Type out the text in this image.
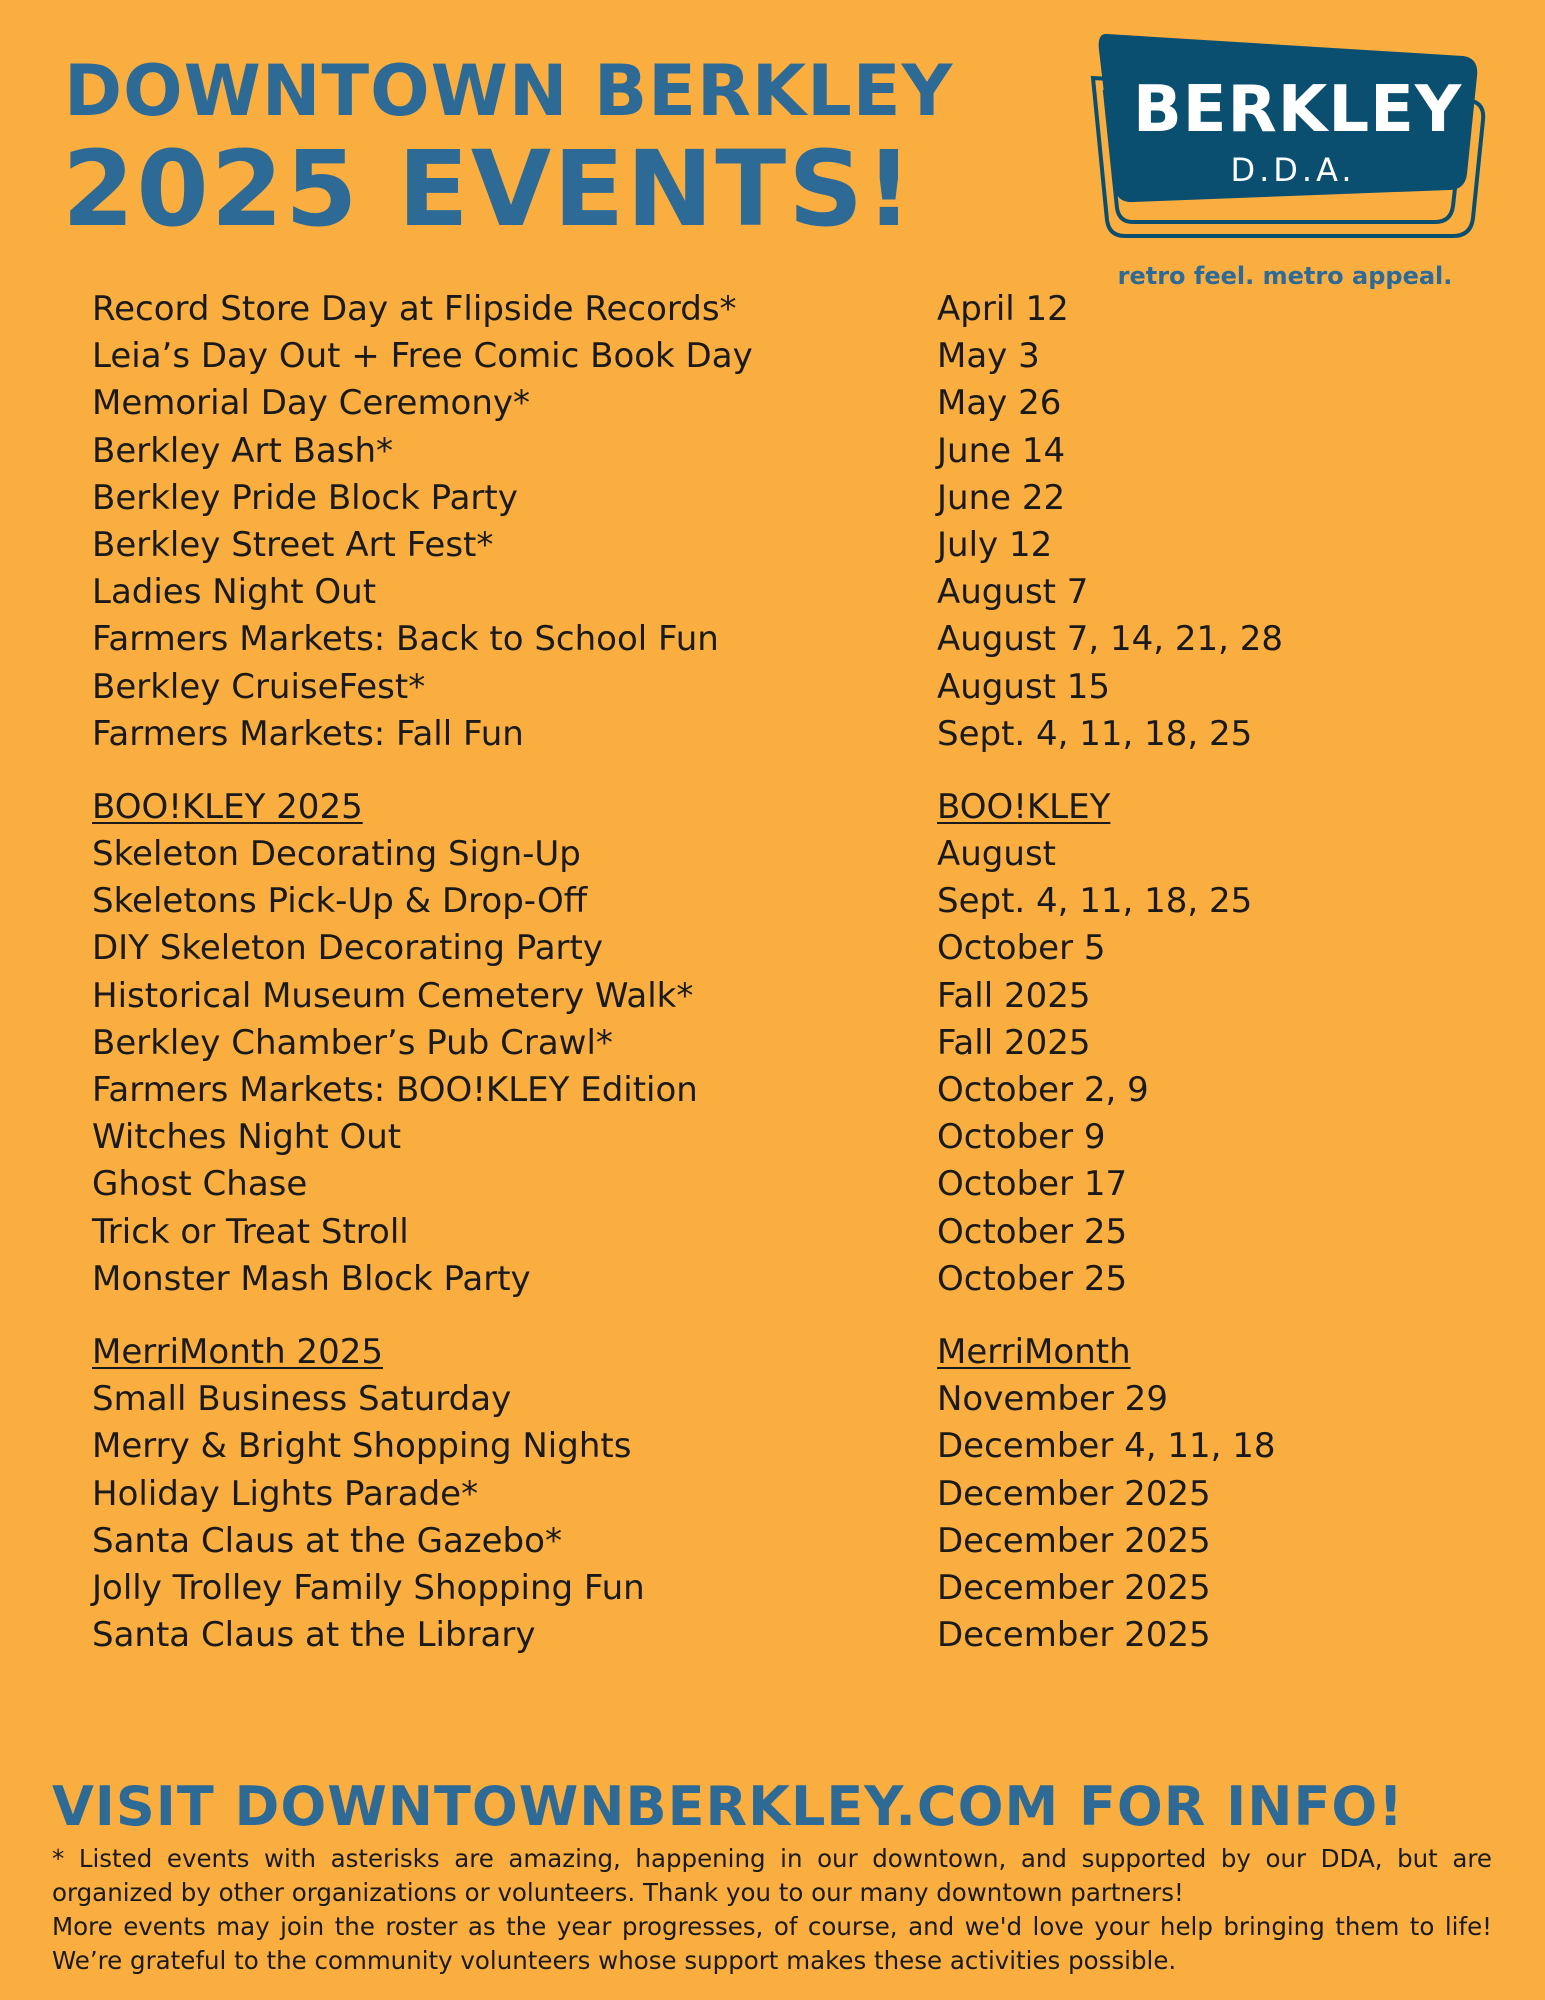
DOWNTOWN BERKLEY
2025 EVENTS!
BERKLEY
D.D.A.
retro feel. metro appeal.
Record Store Day at Flipside Records*	April 12
Leia’s Day Out + Free Comic Book Day	May 3
Memorial Day Ceremony*	May 26
Berkley Art Bash*	June 14
Berkley Pride Block Party	June 22
Berkley Street Art Fest*	July 12
Ladies Night Out	August 7
Farmers Markets: Back to School Fun	August 7, 14, 21, 28
Berkley CruiseFest*	August 15
Farmers Markets: Fall Fun	Sept. 4, 11, 18, 25
BOO!KLEY 2025	BOO!KLEY
Skeleton Decorating Sign-Up	August
Skeletons Pick-Up & Drop-Off	Sept. 4, 11, 18, 25
DIY Skeleton Decorating Party	October 5
Historical Museum Cemetery Walk*	Fall 2025
Berkley Chamber’s Pub Crawl*	Fall 2025
Farmers Markets: BOO!KLEY Edition	October 2, 9
Witches Night Out	October 9
Ghost Chase	October 17
Trick or Treat Stroll	October 25
Monster Mash Block Party	October 25
MerriMonth 2025	MerriMonth
Small Business Saturday	November 29
Merry & Bright Shopping Nights	December 4, 11, 18
Holiday Lights Parade*	December 2025
Santa Claus at the Gazebo*	December 2025
Jolly Trolley Family Shopping Fun	December 2025
Santa Claus at the Library	December 2025
VISIT DOWNTOWNBERKLEY.COM FOR INFO!

* Listed events with asterisks are amazing, happening in our downtown, and supported by our DDA, but are organized by other organizations or volunteers. Thank you to our many downtown partners!

More events may join the roster as the year progresses, of course, and we'd love your help bringing them to life! We’re grateful to the community volunteers whose support makes these activities possible.
